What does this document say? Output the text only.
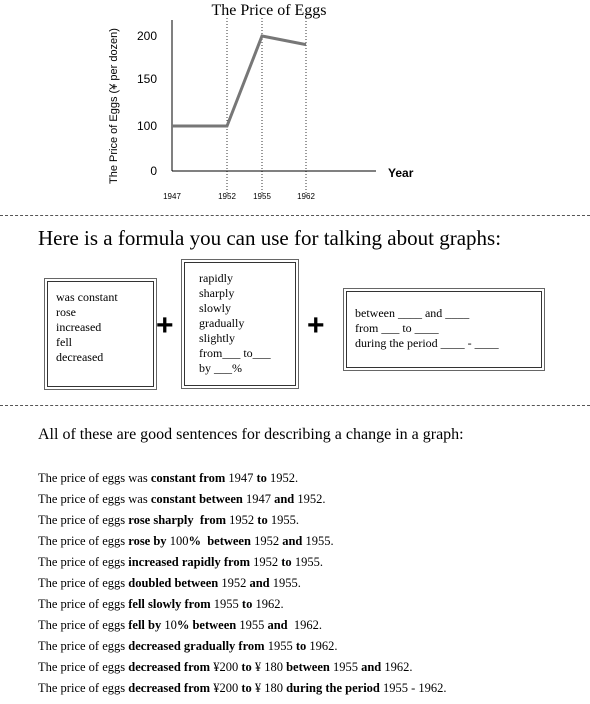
The Price of Eggs
The Price of Eggs (¥ per dozen)	Year
0
100
150
200
1947	1952 1955	1962
Here is a formula you can use for talking about graphs:
was constant
rose
increased
fell
decreased
+
rapidly
sharply
slowly
gradually
slightly
from___ to___
by ___%
+	between ____ and ____
from ___ to ____
during the period ____ - ____
All of these are good sentences for describing a change in a graph:
The price of eggs was constant from 1947 to 1952.
The price of eggs was constant between 1947 and 1952.
The price of eggs rose sharply  from 1952 to 1955.
The price of eggs rose by 100%  between 1952 and 1955.
The price of eggs increased rapidly from 1952 to 1955.
The price of eggs doubled between 1952 and 1955.
The price of eggs fell slowly from 1955 to 1962.
The price of eggs fell by 10% between 1955 and  1962.
The price of eggs decreased gradually from 1955 to 1962.
The price of eggs decreased from ¥200 to ¥ 180 between 1955 and 1962.
The price of eggs decreased from ¥200 to ¥ 180 during the period 1955 - 1962.
